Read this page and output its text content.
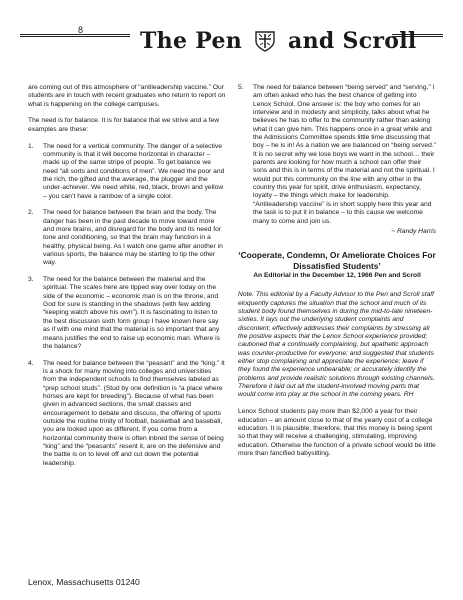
8	The Pen and Scroll

are coming out of this atmosphere of “antileadership vaccine.” Our students are in touch with recent graduates who return to report on what is happening on the college campuses.

The need is for balance. It is for balance that we strive and a few examples are these:

1. The need for a vertical community. The danger of a selective community is that it will become horizontal in character – made up of the same stripe of people. To get balance we need “all sorts and conditions of men”. We need the poor and the rich, the gifted and the average, the plugger and the under-achiever. We need white, red, black, brown and yellow – you can’t have a rainbow of a single color.
2. The need for balance between the brain and the body. The danger has been in the past decade to move toward more and more brains, and disregard for the body and its need for tone and conditioning, so that the brain may function in a healthy, physical being. As I watch one game after another in various sports, the balance may be starting to tip the other way.
3. The need for the balance between the material and the spiritual. The scales here are tipped way over today on the side of the economic – economic man is on the throne, and God for sure is standing in the shadows (with few adding “keeping watch above his own”). It is fascinating to listen to the best discussion sixth form group I have known here say as if with one mind that the material is so important that any means justifies the end to raise up economic man. Where is the balance?
4. The need for balance between the “peasant” and the “king.” It is a shock for many moving into colleges and universities from the independent schools to find themselves labeled as “prep school studs”. (Stud by one definition is “a place where horses are kept for breeding”). Because of what has been given in advanced sections, the small classes and encouragement to debate and discuss, the offering of sports outside the routine trinity of football, basketball and baseball, you are looked upon as different. If you come from a horizontal community there is often inbred the sense of being “king” and the “peasants” resent it, are on the defensive and the battle is on to level off and cut down the potential leadership.
5. The need for balance between “being served” and “serving.” I am often asked who has the best chance of getting into Lenox School. One answer is: the boy who comes for an interview and in modesty and simplicity, talks about what he believes he has to offer to the community rather than asking what it can give him. This happens once in a great while and the Admissions Committee spends little time discussing that boy – he is in! As a nation we are balanced on “being served.” It is no secret why we lose boys we want in the school… their parents are looking for how much a school can offer their sons and this is in terms of the material and not the spiritual. I would put this community on the line with any other in the country this year for spirit, drive enthusiasm, expectancy, loyalty – the things which make for leadership. “Antileadership vaccine” is in short supply here this year and the task is to put it in balance – to this cause we welcome many to come and join us.
~ Randy Harris
‘Cooperate, Condemn, Or Ameliorate Choices For Dissatisfied Students’
An Editorial in the December 12, 1966 Pen and Scroll

Note. This editorial by a Faculty Advisor to the Pen and Scroll staff eloquently captures the situation that the school and much of its student body found themselves in during the mid-to-late nineteen-sixties. It lays out the underlying student complaints and discontent; effectively addresses their complaints by stressing all the positive aspects that the Lenox School experience provided; cautioned that a continually complaining, but apathetic approach was counter-productive for everyone; and suggested that students either stop complaining and appreciate the experience; leave if they found the experience unbearable; or accurately identify the problems and provide realistic solutions through existing channels. Therefore it laid out all the student-involved moving parts that would come into play at the school in the coming years. RH

Lenox School students pay more than $2,000 a year for their education – an amount close to that of the yearly cost of a college education. It is plausible, therefore, that this money is being spent so that they will receive a challenging, stimulating, improving education. Otherwise the function of a private school would be little more than fancified babysitting.

Lenox, Massachusetts 01240
